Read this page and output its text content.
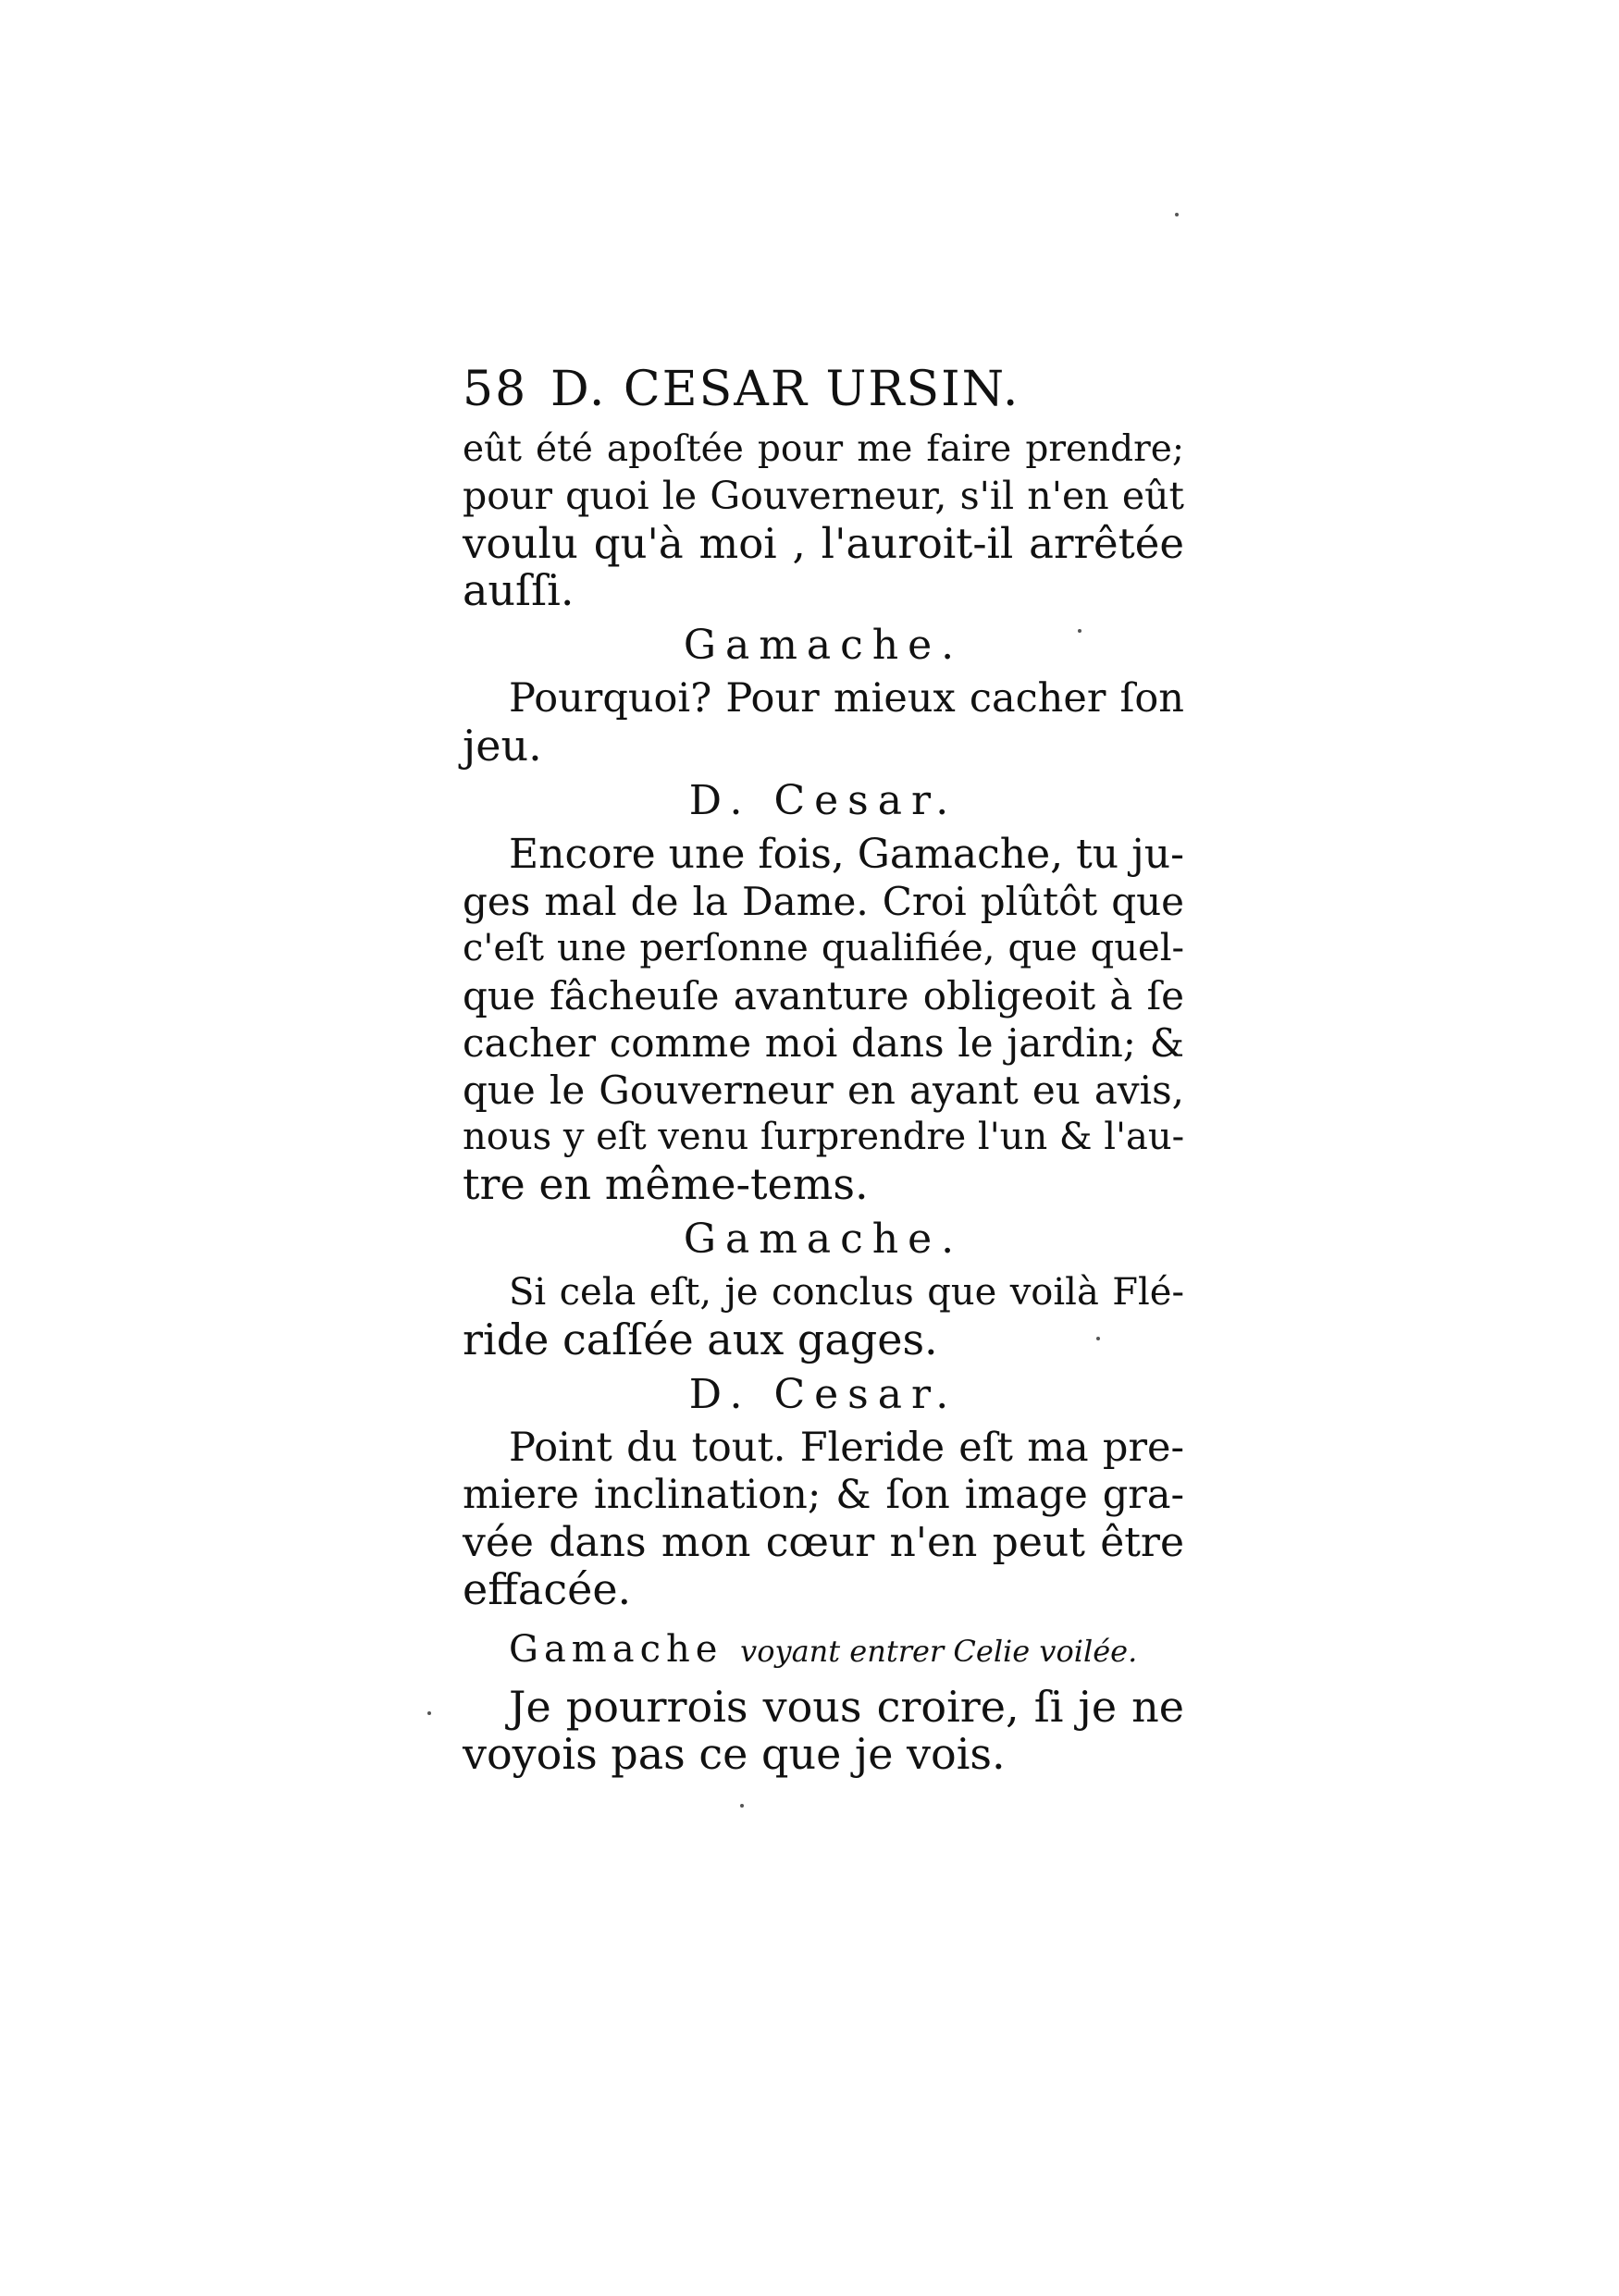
58 D. CESAR URSIN.
eût été apoſtée pour me faire prendre;
pour quoi le Gouverneur, s'il n'en eût
voulu qu'à moi , l'auroit-il arrêtée
auſſi.
Gamache.
Pourquoi? Pour mieux cacher ſon
jeu.
D. Cesar.
Encore une fois, Gamache, tu ju-
ges mal de la Dame. Croi plûtôt que
c'eſt une perſonne qualifiée, que quel-
que fâcheuſe avanture obligeoit à ſe
cacher comme moi dans le jardin; &
que le Gouverneur en ayant eu avis,
nous y eſt venu ſurprendre l'un & l'au-
tre en même-tems.
Gamache.
Si cela eſt, je conclus que voilà Flé-
ride caſſée aux gages.
D. Cesar.
Point du tout. Fleride eſt ma pre-
miere inclination; & ſon image gra-
vée dans mon cœur n'en peut être
effacée.
Gamache voyant entrer Celie voilée.
Je pourrois vous croire, ſi je ne
voyois pas ce que je vois.
